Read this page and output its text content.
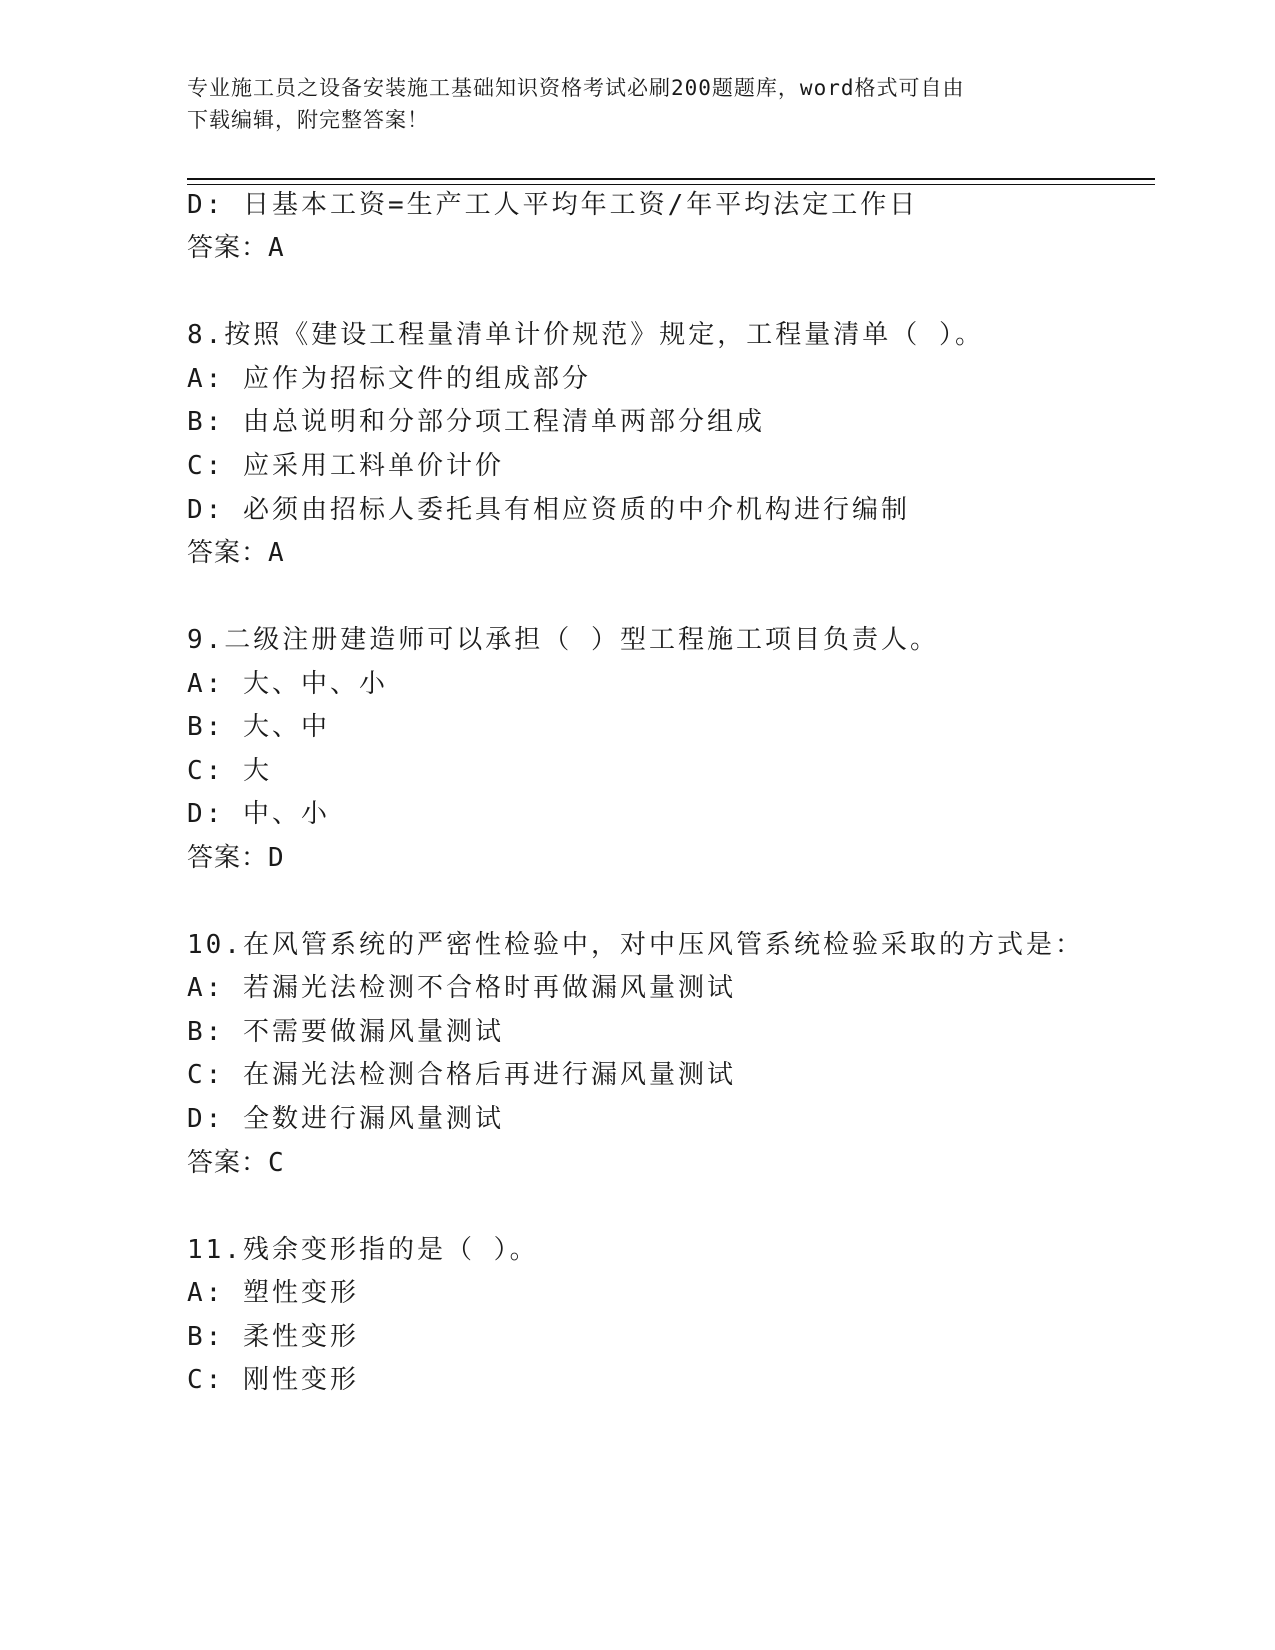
专业施工员之设备安装施工基础知识资格考试必刷200题题库，word格式可自由
下载编辑，附完整答案！
D: 日基本工资=生产工人平均年工资/年平均法定工作日
答案：A
8.按照《建设工程量清单计价规范》规定，工程量清单（ ）。
A: 应作为招标文件的组成部分
B: 由总说明和分部分项工程清单两部分组成
C: 应采用工料单价计价
D: 必须由招标人委托具有相应资质的中介机构进行编制
答案：A
9.二级注册建造师可以承担（ ）型工程施工项目负责人。
A: 大、中、小
B: 大、中
C: 大
D: 中、小
答案：D
10.在风管系统的严密性检验中，对中压风管系统检验采取的方式是：
A: 若漏光法检测不合格时再做漏风量测试
B: 不需要做漏风量测试
C: 在漏光法检测合格后再进行漏风量测试
D: 全数进行漏风量测试
答案：C
11.残余变形指的是（ ）。
A: 塑性变形
B: 柔性变形
C: 刚性变形
